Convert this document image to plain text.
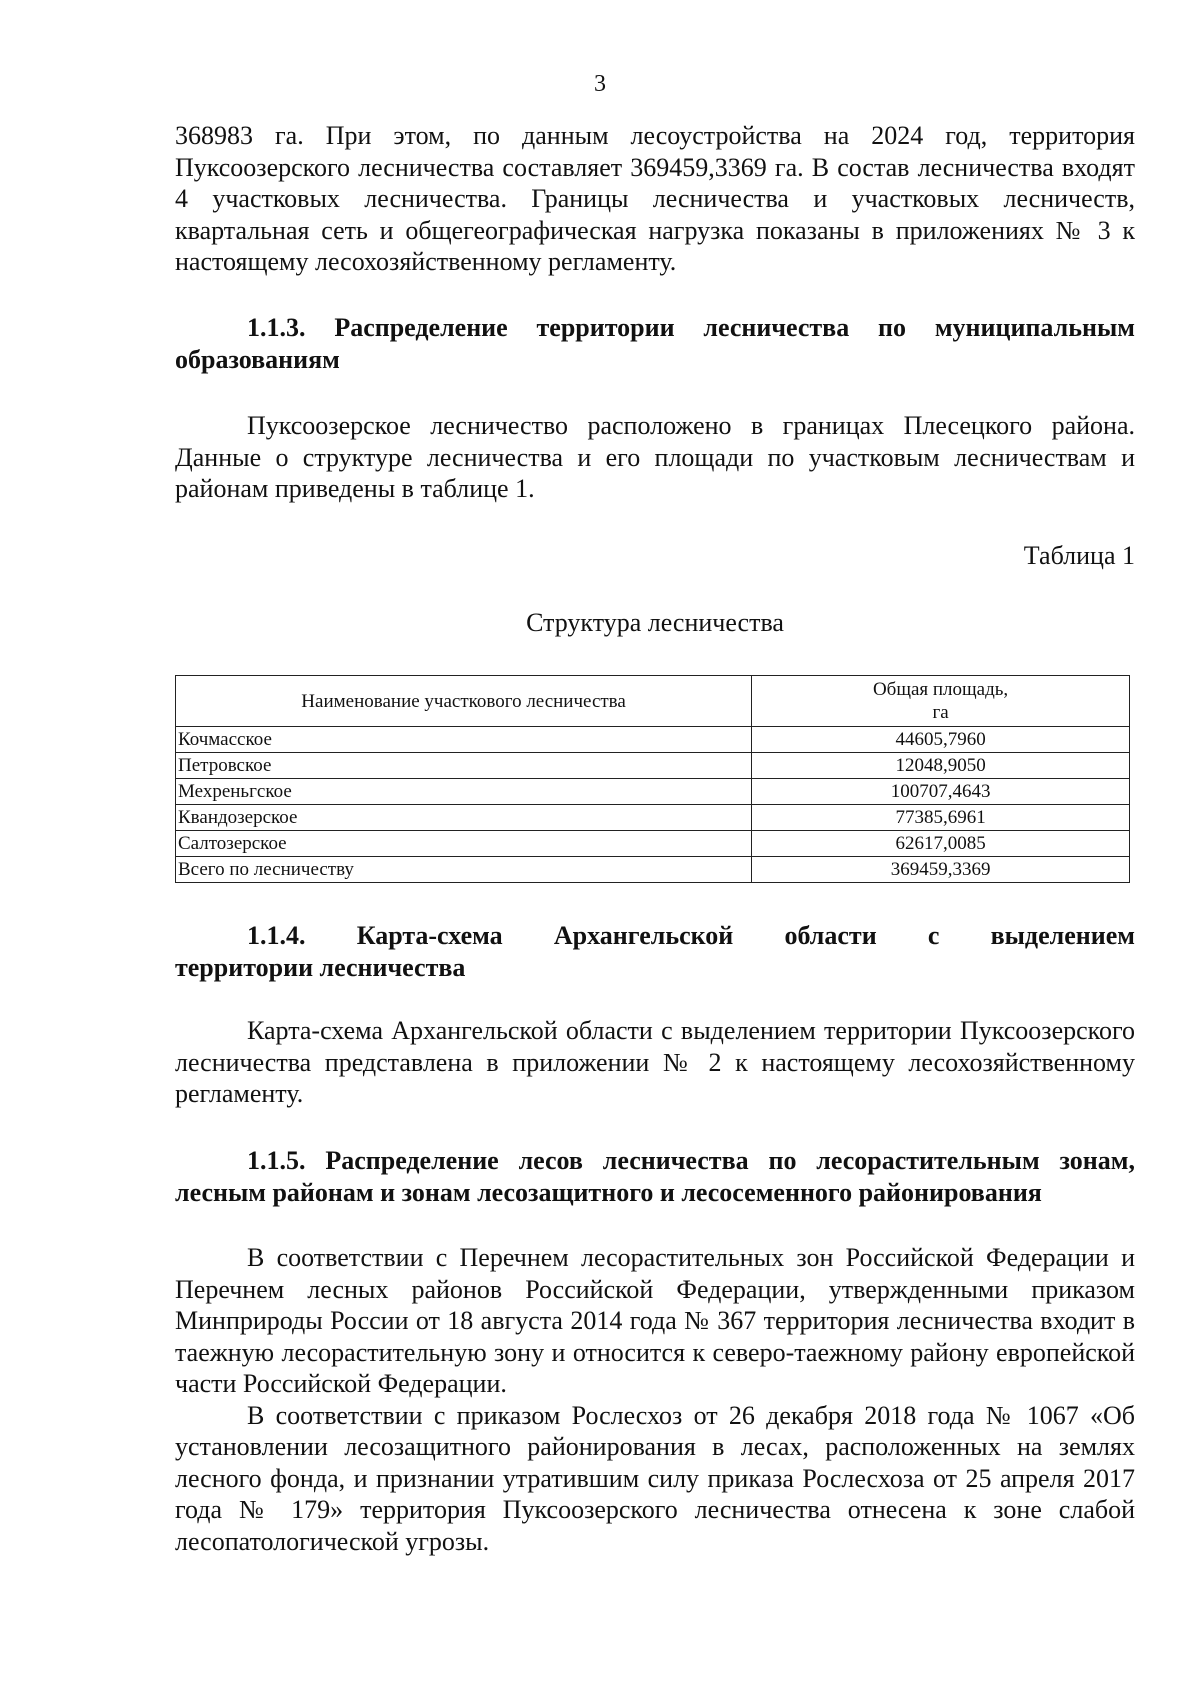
3

368983 га. При этом, по данным лесоустройства на 2024 год, территория Пуксоозерского лесничества составляет 369459,3369 га. В состав лесничества входят 4 участковых лесничества. Границы лесничества и участковых лесничеств, квартальная сеть и общегеографическая нагрузка показаны в приложениях № 3 к настоящему лесохозяйственному регламенту.

1.1.3. Распределение территории лесничества по муниципальным образованиям

Пуксоозерское лесничество расположено в границах Плесецкого района. Данные о структуре лесничества и его площади по участковым лесничествам и районам приведены в таблице 1.

Таблица 1

Структура лесничества

Наименование участкового лесничества	Общая площадь,
га
Кочмасское	44605,7960
Петровское	12048,9050
Мехреньгское	100707,4643
Квандозерское	77385,6961
Салтозерское	62617,0085
Всего по лесничеству	369459,3369
1.1.4. Карта-схема Архангельской области с выделением

территории лесничества

Карта-схема Архангельской области с выделением территории Пуксоозерского лесничества представлена в приложении № 2 к настоящему лесохозяйственному регламенту.

1.1.5. Распределение лесов лесничества по лесорастительным зонам, лесным районам и зонам лесозащитного и лесосеменного районирования

В соответствии с Перечнем лесорастительных зон Российской Федерации и Перечнем лесных районов Российской Федерации, утвержденными приказом Минприроды России от 18 августа 2014 года № 367 территория лесничества входит в таежную лесорастительную зону и относится к северо-таежному району европейской части Российской Федерации.

В соответствии с приказом Рослесхоз от 26 декабря 2018 года № 1067 «Об установлении лесозащитного районирования в лесах, расположенных на землях лесного фонда, и признании утратившим силу приказа Рослесхоза от 25 апреля 2017 года № 179» территория Пуксоозерского лесничества отнесена к зоне слабой лесопатологической угрозы.
